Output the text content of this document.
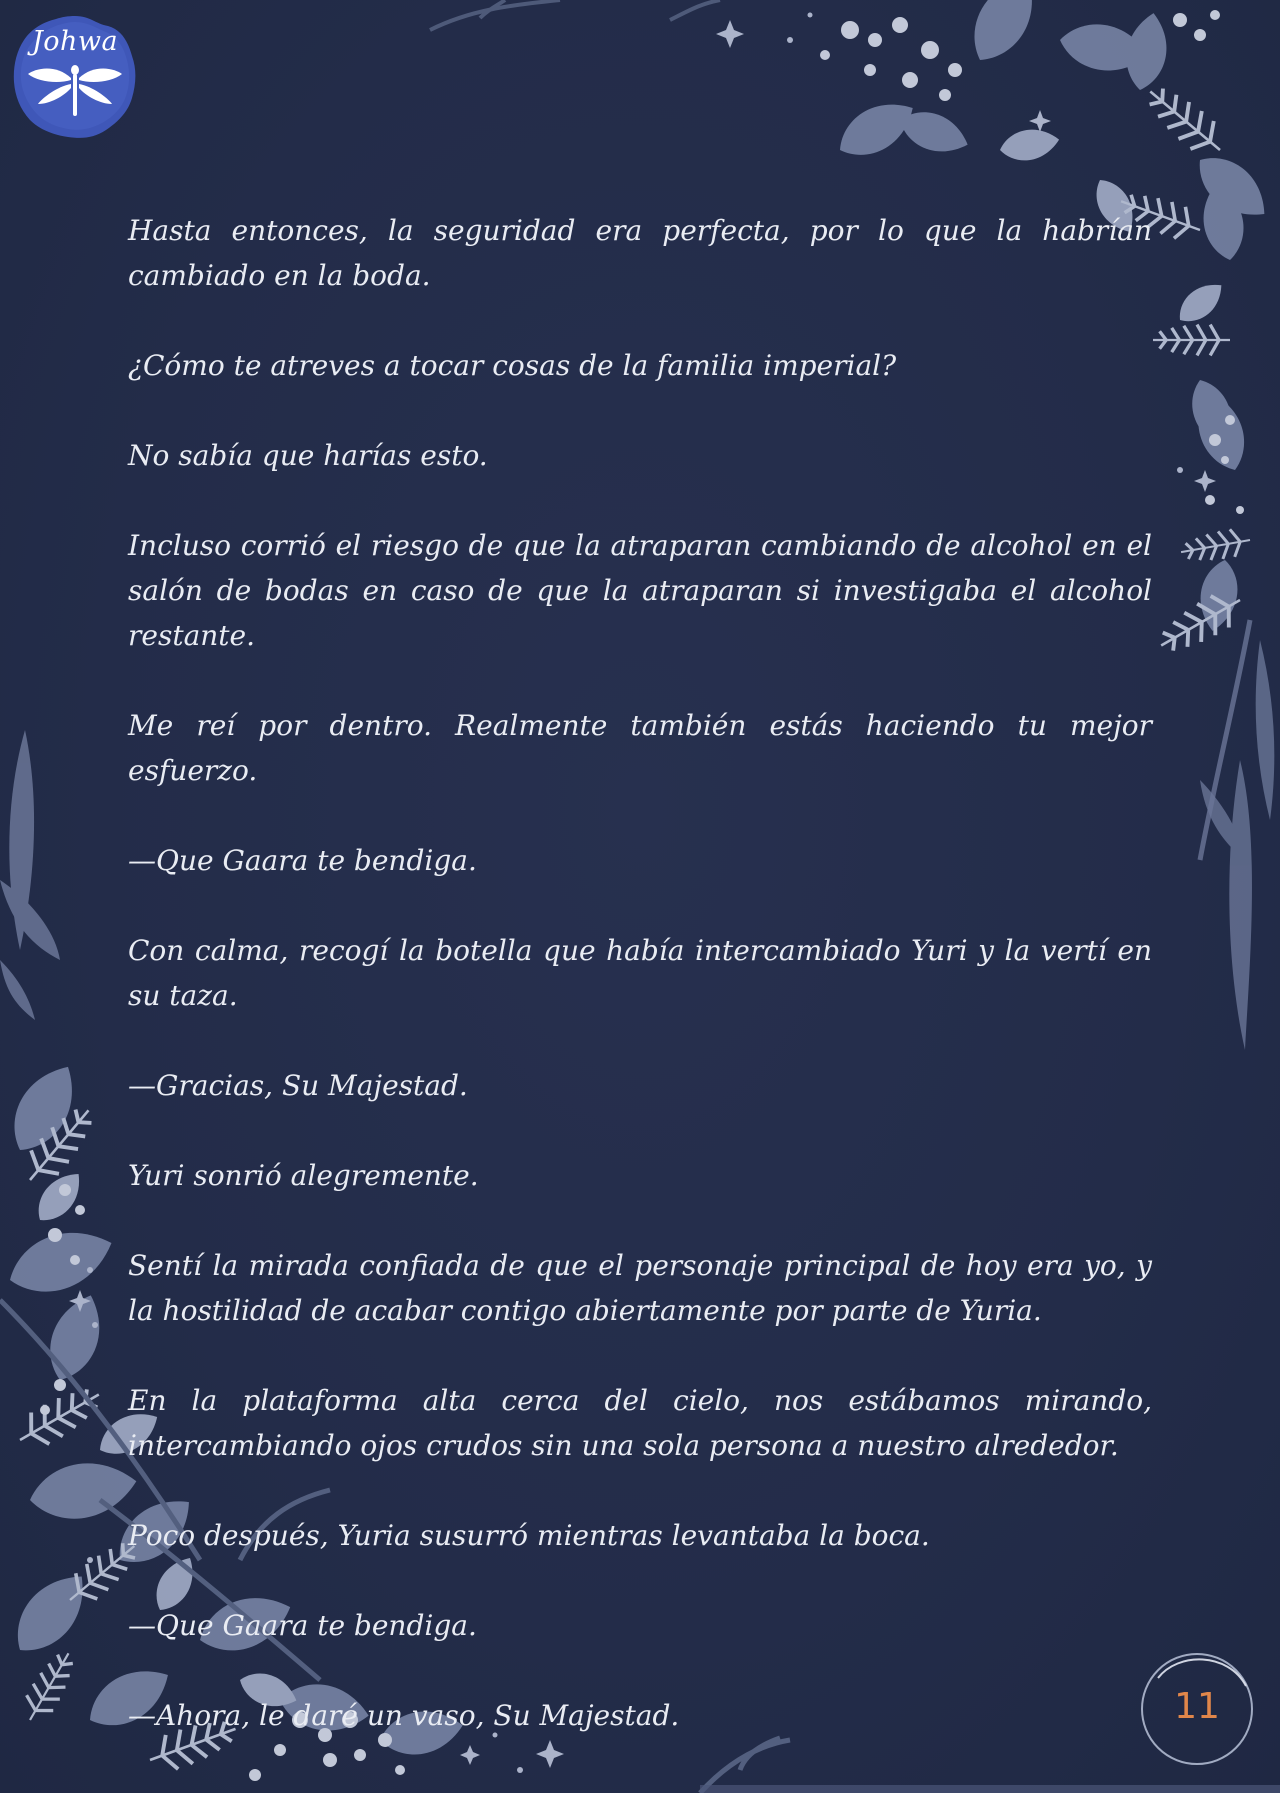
Johwa

Hasta entonces, la seguridad era perfecta, por lo que la habrían cambiado en la boda.

¿Cómo te atreves a tocar cosas de la familia imperial?

No sabía que harías esto.

Incluso corrió el riesgo de que la atraparan cambiando de alcohol en el salón de bodas en caso de que la atraparan si investigaba el alcohol restante.

Me reí por dentro. Realmente también estás haciendo tu mejor esfuerzo.

—Que Gaara te bendiga.

Con calma, recogí la botella que había intercambiado Yuri y la vertí en su taza.

—Gracias, Su Majestad.

Yuri sonrió alegremente.

Sentí la mirada confiada de que el personaje principal de hoy era yo, y la hostilidad de acabar contigo abiertamente por parte de Yuria.

En la plataforma alta cerca del cielo, nos estábamos mirando, intercambiando ojos crudos sin una sola persona a nuestro alrededor.

Poco después, Yuria susurró mientras levantaba la boca.

—Que Gaara te bendiga.

—Ahora, le daré un vaso, Su Majestad.	11
